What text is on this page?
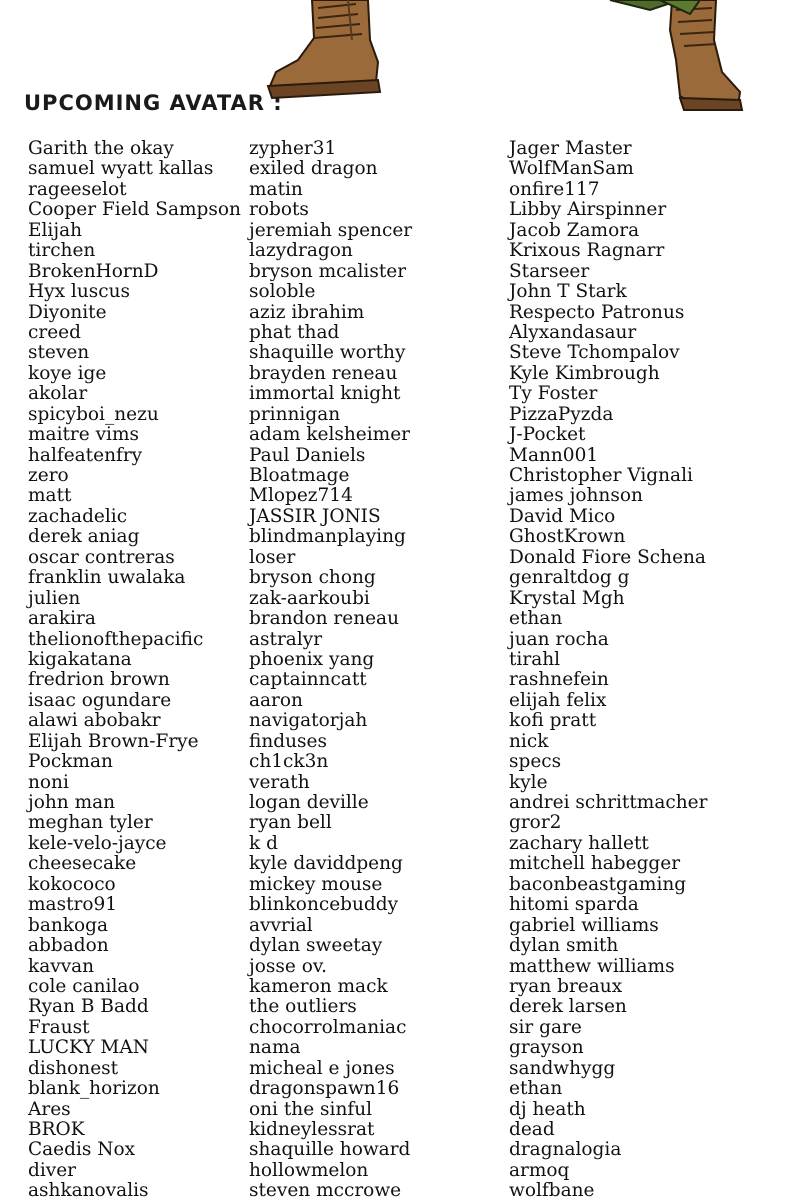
UPCOMING AVATAR :
Garith the okay
samuel wyatt kallas
rageeselot
Cooper Field Sampson
Elijah
tirchen
BrokenHornD
Hyx luscus
Diyonite
creed
steven
koye ige
akolar
spicyboi_nezu
maitre vims
halfeatenfry
zero
matt
zachadelic
derek aniag
oscar contreras
franklin uwalaka
julien
arakira
thelionofthepacific
kigakatana
fredrion brown
isaac ogundare
alawi abobakr
Elijah Brown-Frye
Pockman
noni
john man
meghan tyler
kele-velo-jayce
cheesecake
kokococo
mastro91
bankoga
abbadon
kavvan
cole canilao
Ryan B Badd
Fraust
LUCKY MAN
dishonest
blank_horizon
Ares
BROK
Caedis Nox
diver
ashkanovalis
zypher31
exiled dragon
matin
robots
jeremiah spencer
lazydragon
bryson mcalister
soloble
aziz ibrahim
phat thad
shaquille worthy
brayden reneau
immortal knight
prinnigan
adam kelsheimer
Paul Daniels
Bloatmage
Mlopez714
JASSIR JONIS
blindmanplaying
loser
bryson chong
zak-aarkoubi
brandon reneau
astralyr
phoenix yang
captainncatt
aaron
navigatorjah
finduses
ch1ck3n
verath
logan deville
ryan bell
k d
kyle daviddpeng
mickey mouse
blinkoncebuddy
avvrial
dylan sweetay
josse ov.
kameron mack
the outliers
chocorrolmaniac
nama
micheal e jones
dragonspawn16
oni the sinful
kidneylessrat
shaquille howard
hollowmelon
steven mccrowe
Jager Master
WolfManSam
onfire117
Libby Airspinner
Jacob Zamora
Krixous Ragnarr
Starseer
John T Stark
Respecto Patronus
Alyxandasaur
Steve Tchompalov
Kyle Kimbrough
Ty Foster
PizzaPyzda
J-Pocket
Mann001
Christopher Vignali
james johnson
David Mico
GhostKrown
Donald Fiore Schena
genraltdog g
Krystal Mgh
ethan
juan rocha
tirahl
rashnefein
elijah felix
kofi pratt
nick
specs
kyle
andrei schrittmacher
gror2
zachary hallett
mitchell habegger
baconbeastgaming
hitomi sparda
gabriel williams
dylan smith
matthew williams
ryan breaux
derek larsen
sir gare
grayson
sandwhygg
ethan
dj heath
dead
dragnalogia
armoq
wolfbane
